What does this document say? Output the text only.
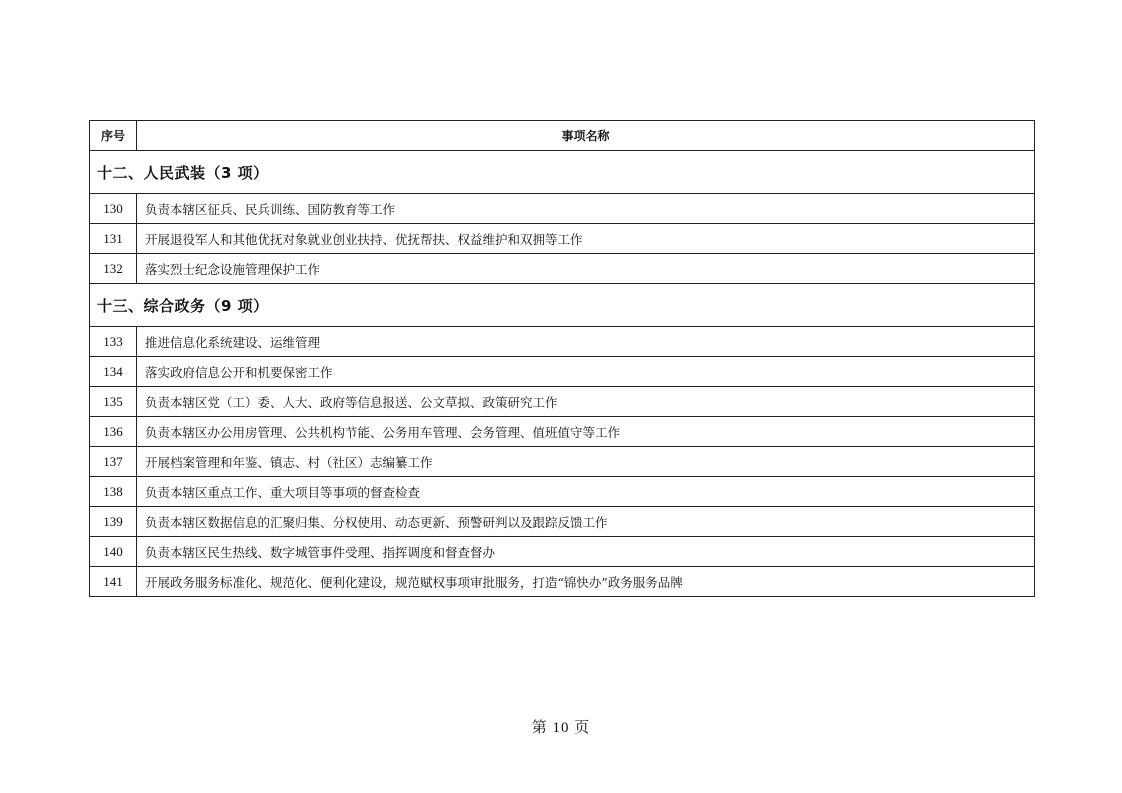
序号	事项名称
十二、人民武装（3 项）	
130	负责本辖区征兵、民兵训练、国防教育等工作
131	开展退役军人和其他优抚对象就业创业扶持、优抚帮扶、权益维护和双拥等工作
132	落实烈士纪念设施管理保护工作
十三、综合政务（9 项）	
133	推进信息化系统建设、运维管理
134	落实政府信息公开和机要保密工作
135	负责本辖区党（工）委、人大、政府等信息报送、公文草拟、政策研究工作
136	负责本辖区办公用房管理、公共机构节能、公务用车管理、会务管理、值班值守等工作
137	开展档案管理和年鉴、镇志、村（社区）志编纂工作
138	负责本辖区重点工作、重大项目等事项的督查检查
139	负责本辖区数据信息的汇聚归集、分权使用、动态更新、预警研判以及跟踪反馈工作
140	负责本辖区民生热线、数字城管事件受理、指挥调度和督查督办
141	开展政务服务标准化、规范化、便利化建设，规范赋权事项审批服务，打造“锦快办”政务服务品牌
第 10 页
